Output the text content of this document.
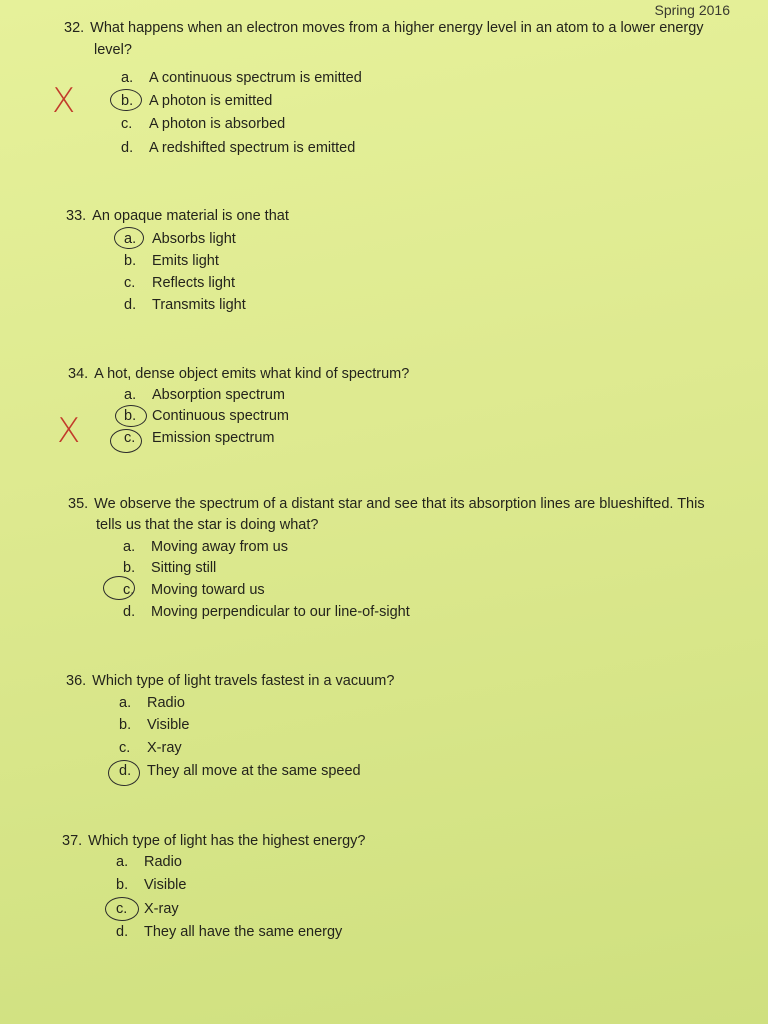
Spring 2016
32. What happens when an electron moves from a higher energy level in an atom to a lower energy
level?
a. A continuous spectrum is emitted
b. A photon is emitted
c. A photon is absorbed
d. A redshifted spectrum is emitted
X
33. An opaque material is one that
a. Absorbs light
b. Emits light
c. Reflects light
d. Transmits light
34. A hot, dense object emits what kind of spectrum?
a. Absorption spectrum
b. Continuous spectrum
c. Emission spectrum
X
35. We observe the spectrum of a distant star and see that its absorption lines are blueshifted. This
tells us that the star is doing what?
a. Moving away from us
b. Sitting still
c. Moving toward us
d. Moving perpendicular to our line-of-sight
36. Which type of light travels fastest in a vacuum?
a. Radio
b. Visible
c. X-ray
d. They all move at the same speed
37. Which type of light has the highest energy?
a. Radio
b. Visible
c. X-ray
d. They all have the same energy
